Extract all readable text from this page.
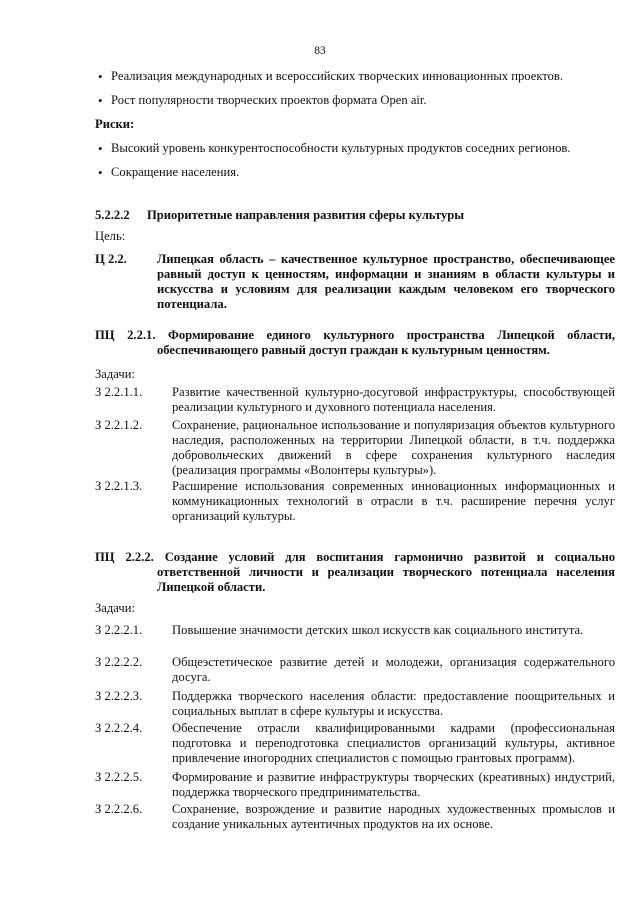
83
• Реализация международных и всероссийских творческих инновационных проектов.
• Рост популярности творческих проектов формата Open air.
Риски:
• Высокий уровень конкурентоспособности культурных продуктов соседних регионов.
• Сокращение населения.
5.2.2.2 Приоритетные направления развития сферы культуры
Цель:
Ц 2.2. Липецкая область – качественное культурное пространство, обеспечивающее равный доступ к ценностям, информации и знаниям в области культуры и искусства и условиям для реализации каждым человеком его творческого потенциала.
ПЦ 2.2.1. Формирование единого культурного пространства Липецкой области,
обеспечивающего равный доступ граждан к культурным ценностям.
Задачи:
З 2.2.1.1. Развитие качественной культурно-досуговой инфраструктуры, способствующей реализации культурного и духовного потенциала населения.
З 2.2.1.2. Сохранение, рациональное использование и популяризация объектов культурного наследия, расположенных на территории Липецкой области, в т.ч. поддержка добровольческих движений в сфере сохранения культурного наследия (реализация программы «Волонтеры культуры»).
З 2.2.1.3. Расширение использования современных инновационных информационных и коммуникационных технологий в отрасли в т.ч. расширение перечня услуг организаций культуры.
ПЦ 2.2.2. Создание условий для воспитания гармонично развитой и социально
ответственной личности и реализации творческого потенциала населения Липецкой области.
Задачи:
З 2.2.2.1. Повышение значимости детских школ искусств как социального института.
З 2.2.2.2. Общеэстетическое развитие детей и молодежи, организация содержательного досуга.
З 2.2.2.3. Поддержка творческого населения области: предоставление поощрительных и социальных выплат в сфере культуры и искусства.
З 2.2.2.4. Обеспечение отрасли квалифицированными кадрами (профессиональная подготовка и переподготовка специалистов организаций культуры, активное привлечение иногородних специалистов с помощью грантовых программ).
З 2.2.2.5. Формирование и развитие инфраструктуры творческих (креативных) индустрий, поддержка творческого предпринимательства.
З 2.2.2.6. Сохранение, возрождение и развитие народных художественных промыслов и создание уникальных аутентичных продуктов на их основе.
